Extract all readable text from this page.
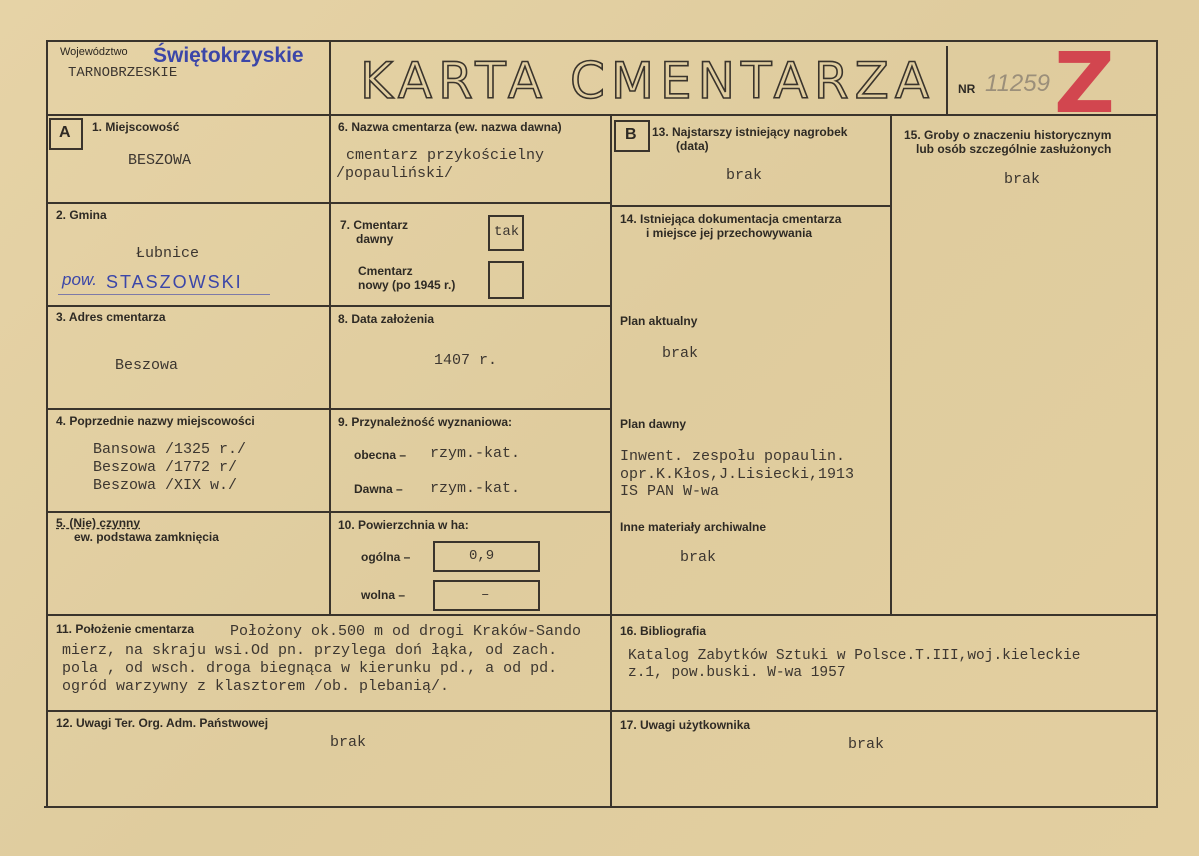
Województwo Świętokrzyskie
TARNOBRZESKIE	KARTA CMENTARZA NR 11259 Z
A	B
1. Miejscowość
BESZOWA
2. Gmina
Łubnice
pow. STASZOWSKI
3. Adres cmentarza
Beszowa
4. Poprzednie nazwy miejscowości
Bansowa /1325 r./
Beszowa /1772 r/
Beszowa /XIX w./
5. (Nie) czynny
ew. podstawa zamknięcia
6. Nazwa cmentarza (ew. nazwa dawna)
cmentarz przykościelny
/popauliński/
7. Cmentarz
dawny	tak
Cmentarz
nowy (po 1945 r.)
8. Data założenia
1407 r.
9. Przynależność wyznaniowa:
obecna – rzym.-kat.
Dawna – rzym.-kat.
10. Powierzchnia w ha:
ogólna –	0,9
wolna –	–
13. Najstarszy istniejący nagrobek
(data)
brak
14. Istniejąca dokumentacja cmentarza
i miejsce jej przechowywania
Plan aktualny
brak
Plan dawny
Inwent. zespołu popaulin.
opr.K.Kłos,J.Lisiecki,1913
IS PAN W-wa
Inne materiały archiwalne
brak
15. Groby o znaczeniu historycznym
lub osób szczególnie zasłużonych
brak
11. Położenie cmentarza Położony ok.500 m od drogi Kraków-Sando
mierz, na skraju wsi.Od pn. przylega doń łąka, od zach.
pola , od wsch. droga biegnąca w kierunku pd., a od pd.
ogród warzywny z klasztorem /ob. plebanią/.
16. Bibliografia
Katalog Zabytków Sztuki w Polsce.T.III,woj.kieleckie
z.1, pow.buski. W-wa 1957
12. Uwagi Ter. Org. Adm. Państwowej
brak
17. Uwagi użytkownika
brak
